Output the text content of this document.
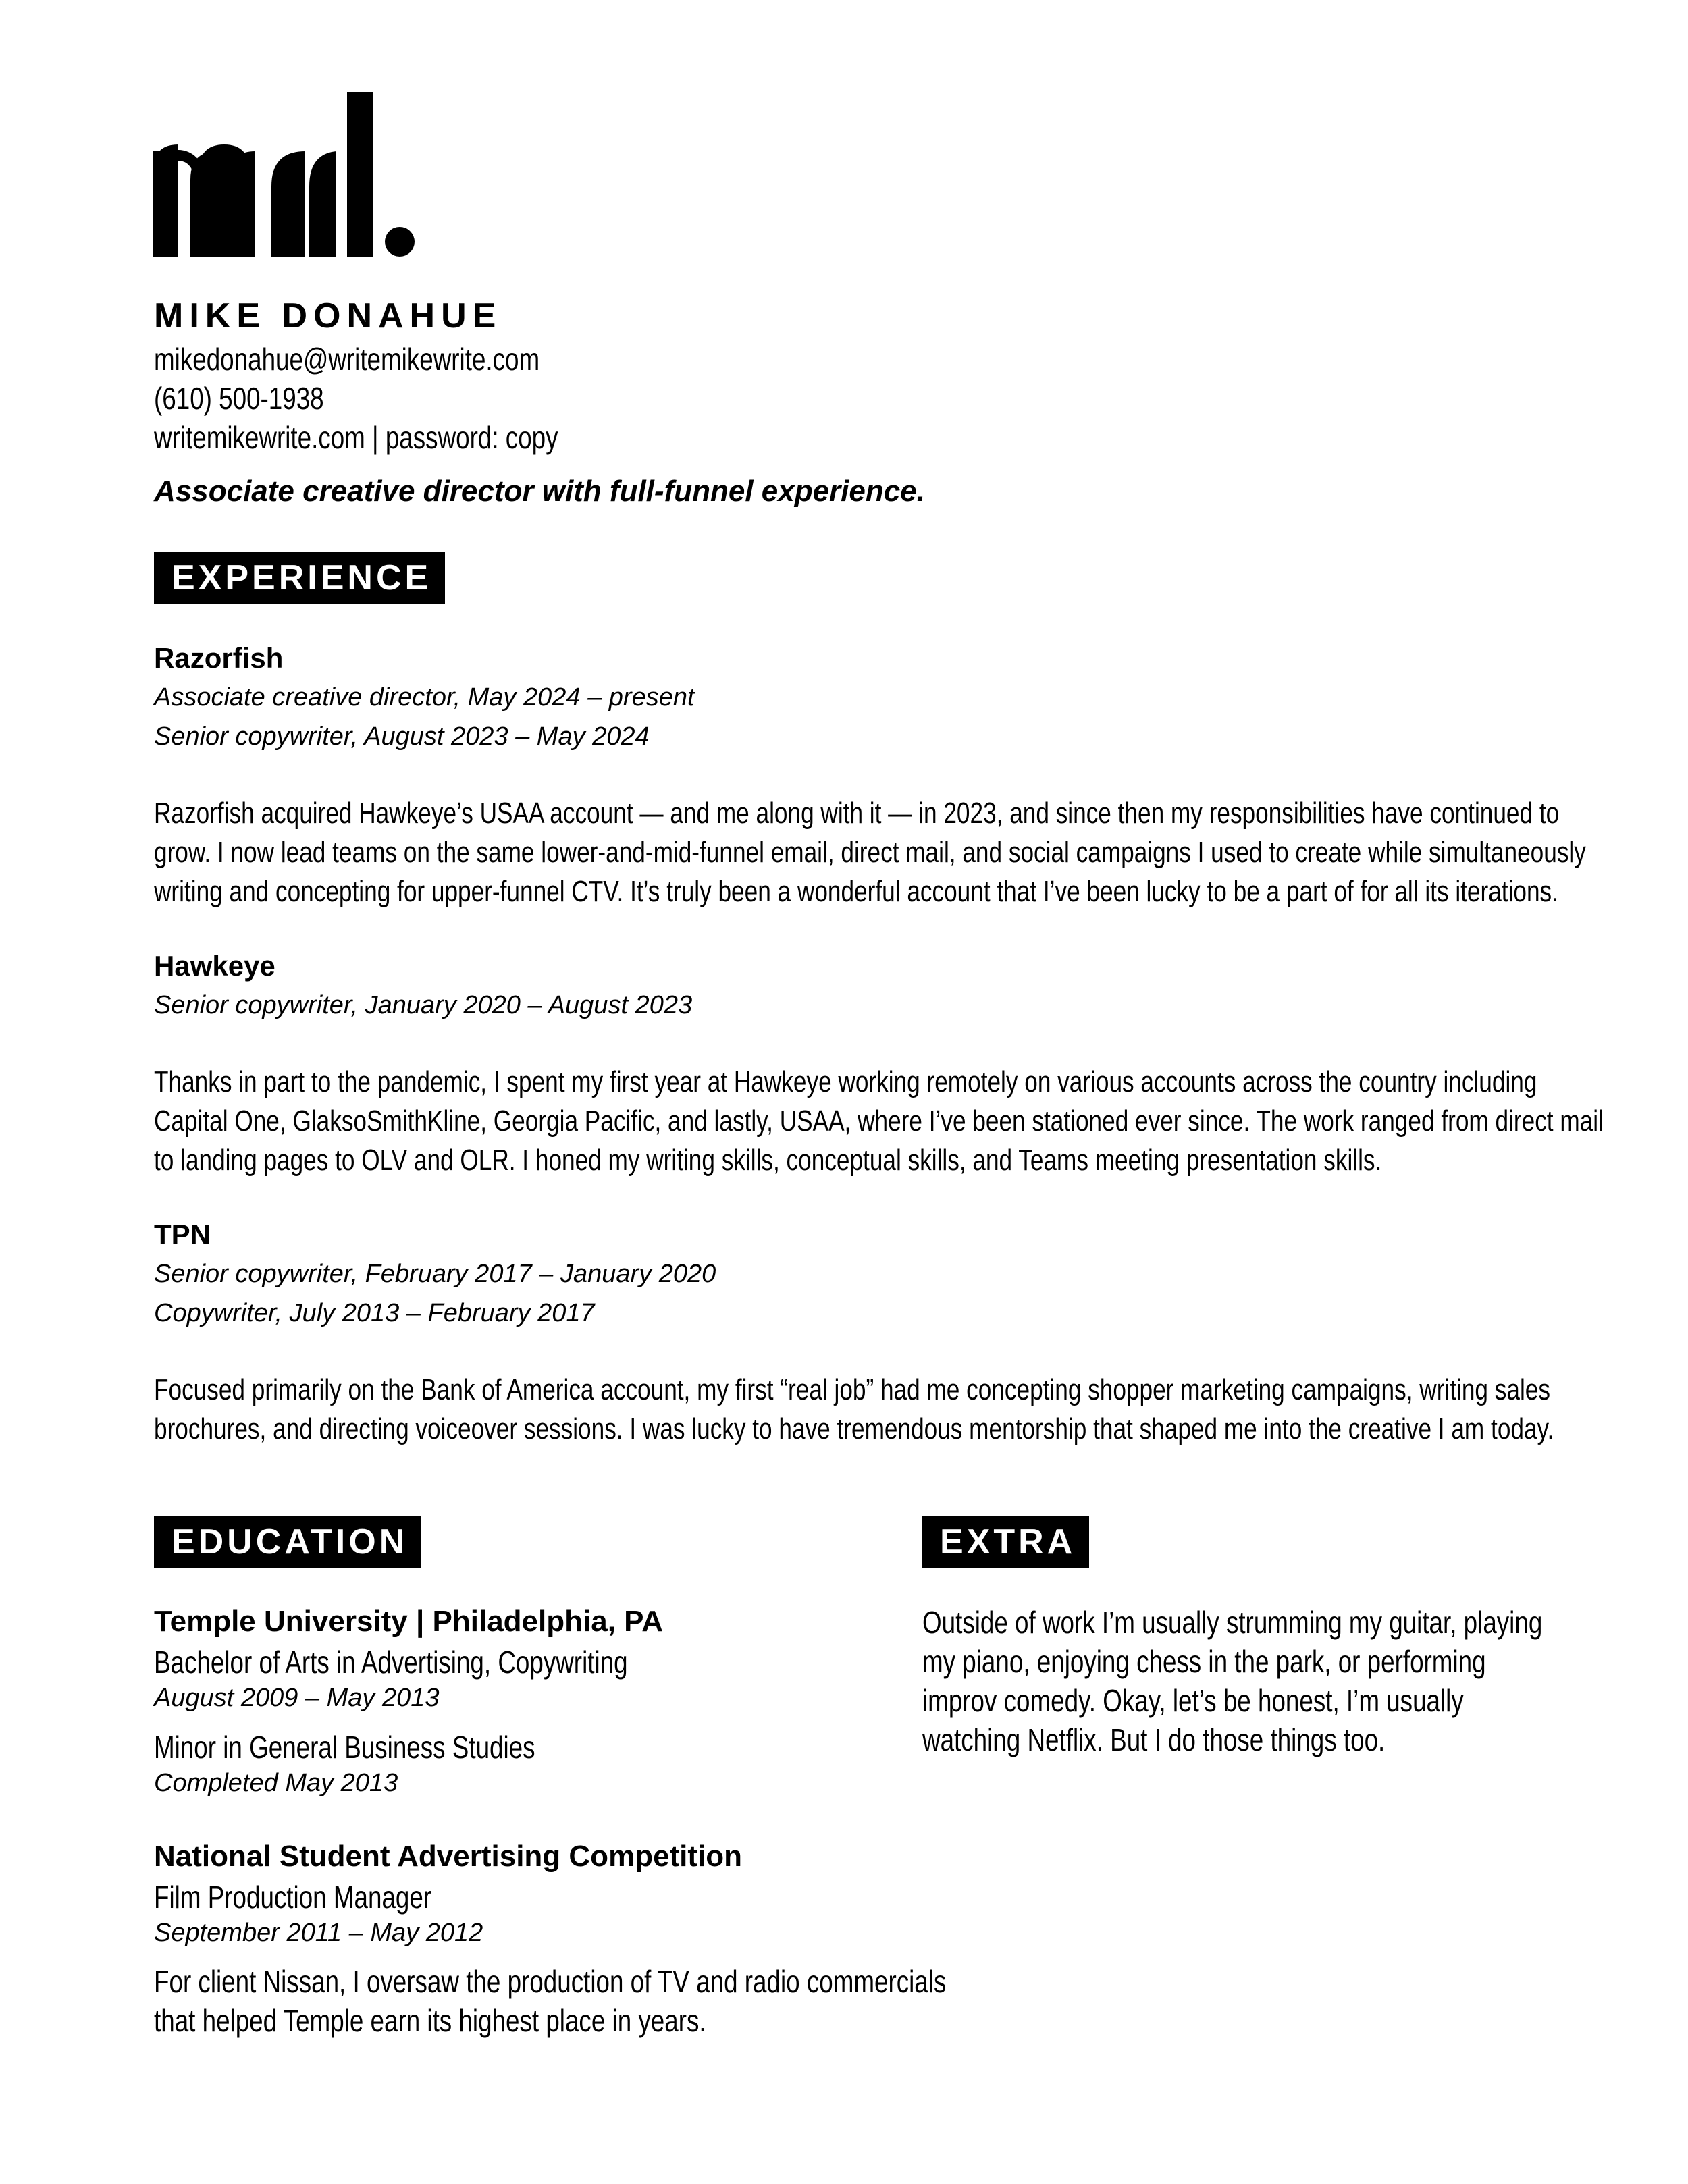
MIKE DONAHUE
mikedonahue@writemikewrite.com
(610) 500-1938
writemikewrite.com | password: copy
Associate creative director with full-funnel experience.
EXPERIENCE
Razorfish
Associate creative director, May 2024 – present
Senior copywriter, August 2023 – May 2024
Razorfish acquired Hawkeye’s USAA account — and me along with it — in 2023, and since then my responsibilities have continued to
grow. I now lead teams on the same lower-and-mid-funnel email, direct mail, and social campaigns I used to create while simultaneously
writing and concepting for upper-funnel CTV. It’s truly been a wonderful account that I’ve been lucky to be a part of for all its iterations.
Hawkeye
Senior copywriter, January 2020 – August 2023
Thanks in part to the pandemic, I spent my first year at Hawkeye working remotely on various accounts across the country including
Capital One, GlaksoSmithKline, Georgia Pacific, and lastly, USAA, where I’ve been stationed ever since. The work ranged from direct mail
to landing pages to OLV and OLR. I honed my writing skills, conceptual skills, and Teams meeting presentation skills.
TPN
Senior copywriter, February 2017 – January 2020
Copywriter, July 2013 – February 2017
Focused primarily on the Bank of America account, my first “real job” had me concepting shopper marketing campaigns, writing sales
brochures, and directing voiceover sessions. I was lucky to have tremendous mentorship that shaped me into the creative I am today.
EDUCATION
Temple University | Philadelphia, PA
Bachelor of Arts in Advertising, Copywriting
August 2009 – May 2013
Minor in General Business Studies
Completed May 2013
National Student Advertising Competition
Film Production Manager
September 2011 – May 2012
For client Nissan, I oversaw the production of TV and radio commercials
that helped Temple earn its highest place in years.
EXTRA
Outside of work I’m usually strumming my guitar, playing
my piano, enjoying chess in the park, or performing
improv comedy. Okay, let’s be honest, I’m usually
watching Netflix. But I do those things too.
